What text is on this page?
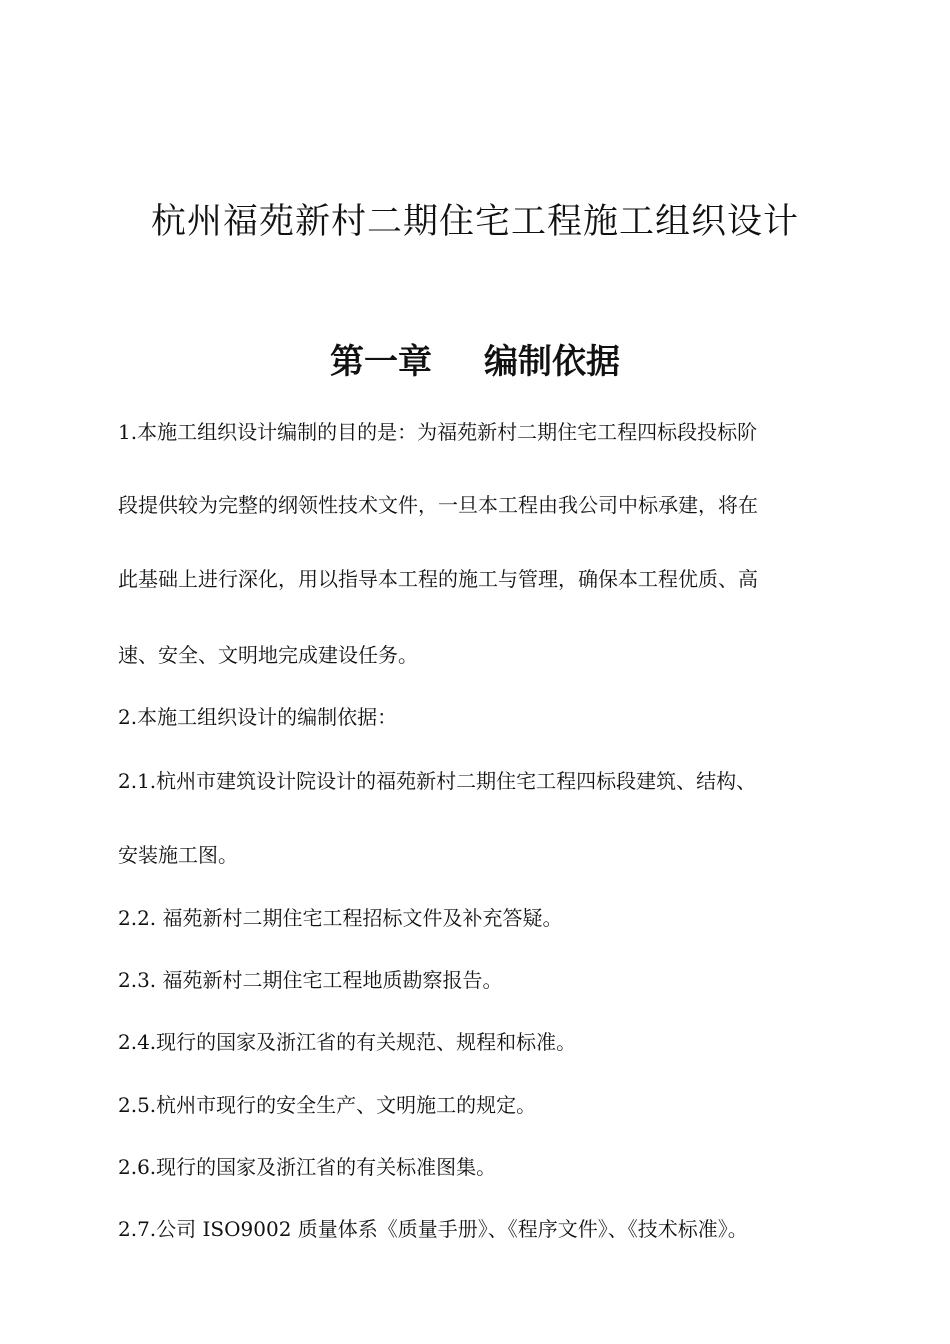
杭州福苑新村二期住宅工程施工组织设计
第一章 编制依据

1.本施工组织设计编制的目的是：为福苑新村二期住宅工程四标段投标阶

段提供较为完整的纲领性技术文件，一旦本工程由我公司中标承建，将在

此基础上进行深化，用以指导本工程的施工与管理，确保本工程优质、高

速、安全、文明地完成建设任务。

2.本施工组织设计的编制依据：

2.1.杭州市建筑设计院设计的福苑新村二期住宅工程四标段建筑、结构、

安装施工图。

2.2. 福苑新村二期住宅工程招标文件及补充答疑。

2.3. 福苑新村二期住宅工程地质勘察报告。

2.4.现行的国家及浙江省的有关规范、规程和标准。

2.5.杭州市现行的安全生产、文明施工的规定。

2.6.现行的国家及浙江省的有关标准图集。

2.7.公司 ISO9002 质量体系《质量手册》、《程序文件》、《技术标准》。
